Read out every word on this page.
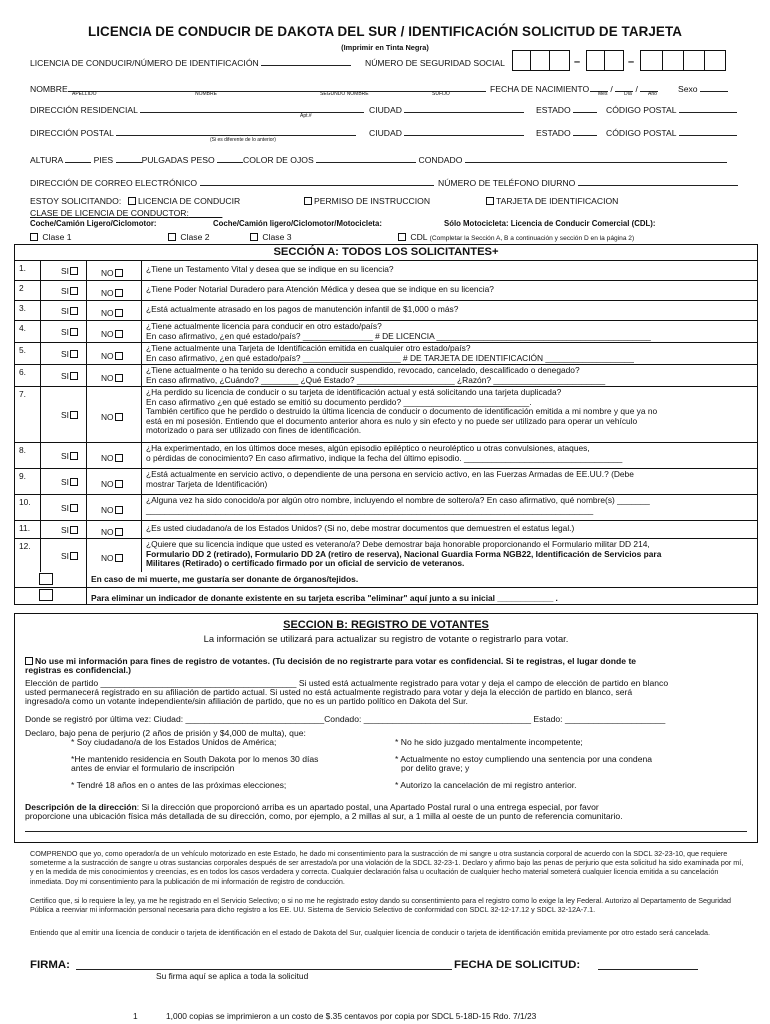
LICENCIA DE CONDUCIR DE DAKOTA DEL SUR / IDENTIFICACIÓN SOLICITUD DE TARJETA
(Imprimir en Tinta Negra)
LICENCIA DE CONDUCIR/NÚMERO DE IDENTIFICACIÓN	NÚMERO DE SEGURIDAD SOCIAL	–	–
NOMBRE APELLIDO	NOMBRE	SEGUNDO NOMBRE	SUFIJO	FECHA DE NACIMIENTO	/  /
Mes	Día	Año Sexo
DIRECCIÓN RESIDENCIAL
Apt.#
CIUDAD	ESTADO	CÓDIGO POSTAL
DIRECCIÓN POSTAL
(Si es diferente de lo anterior)
CIUDAD	ESTADO	CÓDIGO POSTAL
ALTURA	PIES	PULGADAS PESO	COLOR DE OJOS	CONDADO
DIRECCIÓN DE CORREO ELECTRÓNICO	NÚMERO DE TELÉFONO DIURNO
ESTOY SOLICITANDO:	LICENCIA DE CONDUCIR	PERMISO DE INSTRUCCION	TARJETA DE IDENTIFICACION
CLASE DE LICENCIA DE CONDUCTOR:_______
Coche/Camión Ligero/Ciclomotor:	Coche/Camión ligero/Ciclomotor/Motocicleta:	Sólo Motocicleta: Licencia de Conducir Comercial (CDL):
Clase 1	Clase 2	Clase 3	CDL (Completar la Sección A, B a continuación y sección D en la página 2)
SECCIÓN A: TODOS LOS SOLICITANTES+
1.	SI	NO	¿Tiene un Testamento Vital y desea que se indique en su licencia?
2	SI	NO	¿Tiene Poder Notarial Duradero para Atención Médica y desea que se indique en su licencia?
3.	SI	NO	¿Está actualmente atrasado en los pagos de manutención infantil de $1,000 o más?
4.	SI	NO
¿Tiene actualmente licencia para conducir en otro estado/país?
En caso afirmativo, ¿en qué estado/país? _______________ # DE LICENCIA ______________________________________________
5.	SI	NO
¿Tiene actualmente una Tarjeta de Identificación emitida en cualquier otro estado/país?
En caso afirmativo, ¿en qué estado/país? _____________________ # DE TARJETA DE IDENTIFICACIÓN ___________________
6.	SI	NO
¿Tiene actualmente o ha tenido su derecho a conducir suspendido, revocado, cancelado, descalificado o denegado?
En caso afirmativo, ¿Cuándo? ________ ¿Qué Estado? _____________________ ¿Razón? ________________________
7.
SI	NO
¿Ha perdido su licencia de conducir o su tarjeta de identificación actual y está solicitando una tarjeta duplicada?
En caso afirmativo ¿en qué estado se emitió su documento perdido? ___________________________.
También certifico que he perdido o destruido la última licencia de conducir o documento de identificación emitida a mi nombre y que ya no
está en mi posesión. Entiendo que el documento anterior ahora es nulo y sin efecto y no puede ser utilizado para operar un vehículo
motorizado o para ser utilizado con fines de identificación.
8.
SI	NO
¿Ha experimentado, en los últimos doce meses, algún episodio epiléptico o neuroléptico u otras convulsiones, ataques,
o pérdidas de conocimiento? En caso afirmativo, indique la fecha del último episodio. __________________________________
9.
SI	NO
¿Está actualmente en servicio activo, o dependiente de una persona en servicio activo, en las Fuerzas Armadas de EE.UU.? (Debe
mostrar Tarjeta de Identificación)
10.
SI	NO
¿Alguna vez ha sido conocido/a por algún otro nombre, incluyendo el nombre de soltero/a? En caso afirmativo, qué nombre(s) _______
________________________________________________________________________________________________
11.	SI	NO	¿Es usted ciudadano/a de los Estados Unidos? (Si no, debe mostrar documentos que demuestren el estatus legal.)
12.
SI	NO
¿Quiere que su licencia indique que usted es veterano/a? Debe demostrar baja honorable proporcionando el Formulario militar DD 214,
Formulario DD 2 (retirado), Formulario DD 2A (retiro de reserva), Nacional Guardia Forma NGB22, Identificación de Servicios para
Militares (Retirado) o certificado firmado por un oficial de servicio de veteranos.
En caso de mi muerte, me gustaría ser donante de órganos/tejidos.
Para eliminar un indicador de donante existente en su tarjeta escriba "eliminar" aquí junto a su inicial ____________ .
SECCION B: REGISTRO DE VOTANTES
La información se utilizará para actualizar su registro de votante o registrarlo para votar.
No use mi información para fines de registro de votantes. (Tu decisión de no registrarte para votar es confidencial. Si te registras, el lugar donde te
registras es confidencial.)
Elección de partido _________________________________________ Si usted está actualmente registrado para votar y deja el campo de elección de partido en blanco
usted permanecerá registrado en su afiliación de partido actual. Si usted no está actualmente registrado para votar y deja la elección de partido en blanco, será
ingresado/a como un votante independiente/sin afiliación de partido, que no es un partido político en Dakota del Sur.
Donde se registró por última vez: Ciudad: _____________________________Condado: ___________________________________ Estado: _____________________
Declaro, bajo pena de perjurio (2 años de prisión y $4,000 de multa), que:
* Soy ciudadano/a de los Estados Unidos de América;	* No he sido juzgado mentalmente incompetente;
*He mantenido residencia en South Dakota por lo menos 30 días
antes de enviar el formulario de inscripción
* Actualmente no estoy cumpliendo una sentencia por una condena
por delito grave; y
* Tendré 18 años en o antes de las próximas elecciones;	* Autorizo la cancelación de mi registro anterior.
Descripción de la dirección: Si la dirección que proporcionó arriba es un apartado postal, una Apartado Postal rural o una entrega especial, por favor
proporcione una ubicación física más detallada de su dirección, como, por ejemplo, a 2 millas al sur, a 1 milla al oeste de un punto de referencia comunitario.
COMPRENDO que yo, como operador/a de un vehículo motorizado en este Estado, he dado mi consentimiento para la sustracción de mi sangre u otra sustancia corporal de acuerdo con la SDCL 32-23-10, que requiere someterme a la sustracción de sangre u otras sustancias corporales después de ser arrestado/a por una violación de la SDCL 32-23-1. Declaro y afirmo bajo las penas de perjurio que esta solicitud ha sido examinada por mí, y en la medida de mis conocimientos y creencias, es en todos los casos verdadera y correcta. Cualquier declaración falsa u ocultación de cualquier hecho material someterá cualquier licencia emitida a su cancelación inmediata. Doy mi consentimiento para la publicación de mi información de registro de conducción.
Certifico que, si lo requiere la ley, ya me he registrado en el Servicio Selectivo; o si no me he registrado estoy dando su consentimiento para el registro como lo exige la ley Federal. Autorizo al Departamento de Seguridad Pública a reenviar mi información personal necesaria para dicho registro a los EE. UU. Sistema de Servicio Selectivo de conformidad con SDCL 32-12-17.12 y SDCL 32-12A-7.1.
Entiendo que al emitir una licencia de conducir o tarjeta de identificación en el estado de Dakota del Sur, cualquier licencia de conducir o tarjeta de identificación emitida previamente por otro estado será cancelada.
FIRMA:	FECHA DE SOLICITUD:
Su firma aquí se aplica a toda la solicitud
1	1,000 copias se imprimieron a un costo de $.35 centavos por copia por SDCL 5-18D-15 Rdo. 7/1/23
